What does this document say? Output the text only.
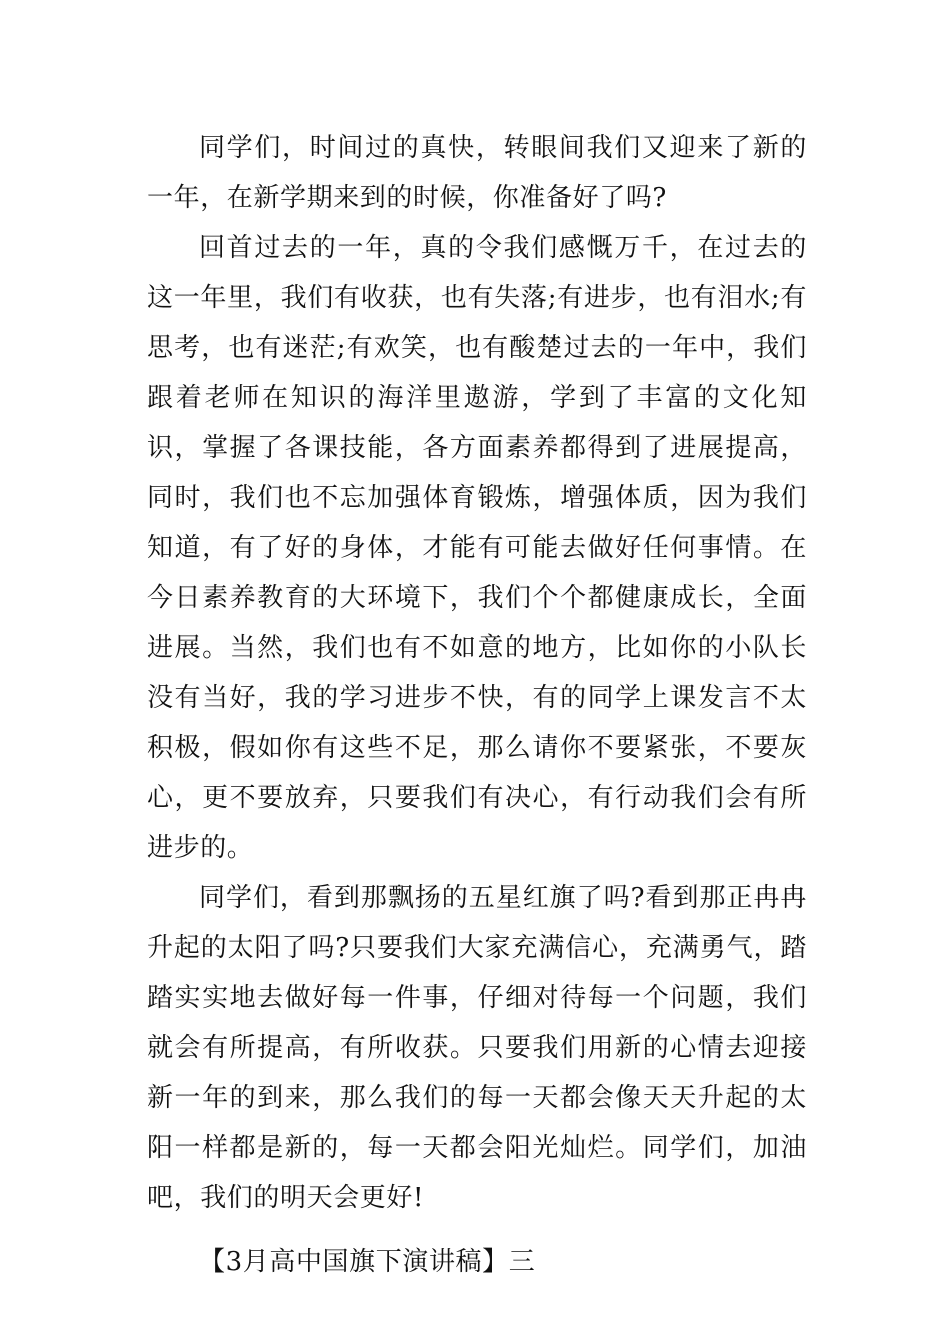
同学们，时间过的真快，转眼间我们又迎来了新的一年，在新学期来到的时候，你准备好了吗?

回首过去的一年，真的令我们感慨万千，在过去的这一年里，我们有收获，也有失落;有进步，也有泪水;有思考，也有迷茫;有欢笑，也有酸楚过去的一年中，我们跟着老师在知识的海洋里遨游，学到了丰富的文化知识，掌握了各课技能，各方面素养都得到了进展提高，同时，我们也不忘加强体育锻炼，增强体质，因为我们知道，有了好的身体，才能有可能去做好任何事情。在今日素养教育的大环境下，我们个个都健康成长，全面进展。当然，我们也有不如意的地方，比如你的小队长没有当好，我的学习进步不快，有的同学上课发言不太积极，假如你有这些不足，那么请你不要紧张，不要灰心，更不要放弃，只要我们有决心，有行动我们会有所进步的。

同学们，看到那飘扬的五星红旗了吗?看到那正冉冉升起的太阳了吗?只要我们大家充满信心，充满勇气，踏踏实实地去做好每一件事，仔细对待每一个问题，我们就会有所提高，有所收获。只要我们用新的心情去迎接新一年的到来，那么我们的每一天都会像天天升起的太阳一样都是新的，每一天都会阳光灿烂。同学们，加油吧，我们的明天会更好!

【3月高中国旗下演讲稿】三
